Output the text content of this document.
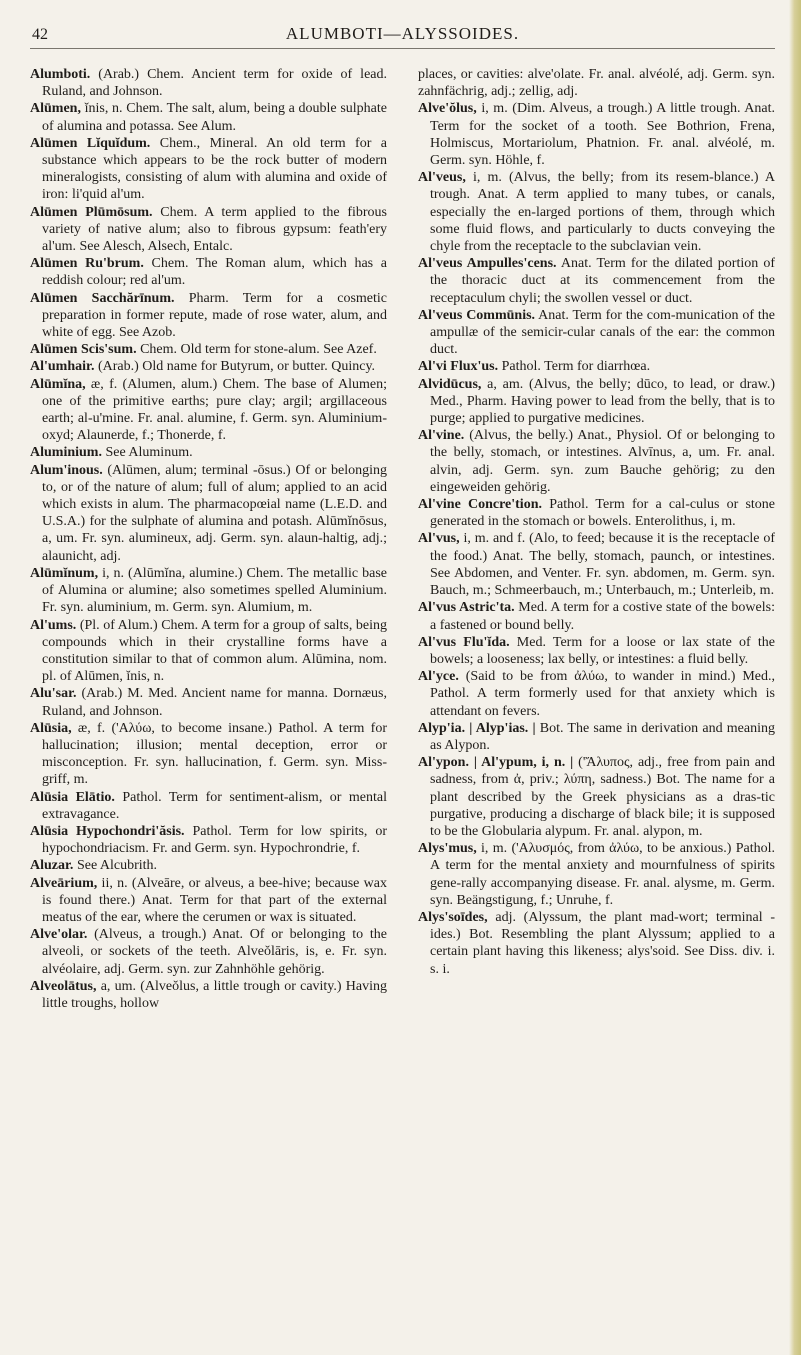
42	ALUMBOTI—ALYSSOIDES.

Alumboti. (Arab.) Chem. Ancient term for oxide of lead. Ruland, and Johnson.

Alūmen, ĭnis, n. Chem. The salt, alum, being a double sulphate of alumina and potassa. See Alum.

Alūmen Lĭquĭdum. Chem., Mineral. An old term for a substance which appears to be the rock butter of modern mineralogists, consisting of alum with alumina and oxide of iron: li'quid al'um.

Alūmen Plūmōsum. Chem. A term applied to the fibrous variety of native alum; also to fibrous gypsum: feath'ery al'um. See Alesch, Alsech, Entalc.

Alūmen Ru'brum. Chem. The Roman alum, which has a reddish colour; red al'um.

Alūmen Sacchărīnum. Pharm. Term for a cosmetic preparation in former repute, made of rose water, alum, and white of egg. See Azob.

Alūmen Scis'sum. Chem. Old term for stone-alum. See Azef.

Al'umhair. (Arab.) Old name for Butyrum, or butter. Quincy.

Alūmĭna, æ, f. (Alumen, alum.) Chem. The base of Alumen; one of the primitive earths; pure clay; argil; argillaceous earth; al-u'mine. Fr. anal. alumine, f. Germ. syn. Aluminium-oxyd; Alaunerde, f.; Thonerde, f.

Aluminium. See Aluminum.

Alum'inous. (Alūmen, alum; terminal -ōsus.) Of or belonging to, or of the nature of alum; full of alum; applied to an acid which exists in alum. The pharmacopœial name (L.E.D. and U.S.A.) for the sulphate of alumina and potash. Alūmĭnōsus, a, um. Fr. syn. alumineux, adj. Germ. syn. alaun-haltig, adj.; alaunicht, adj.

Alūmĭnum, i, n. (Alūmĭna, alumine.) Chem. The metallic base of Alumina or alumine; also sometimes spelled Aluminium. Fr. syn. aluminium, m. Germ. syn. Alumium, m.

Al'ums. (Pl. of Alum.) Chem. A term for a group of salts, being compounds which in their crystalline forms have a constitution similar to that of common alum. Alūmina, nom. pl. of Alūmen, ĭnis, n.

Alu'sar. (Arab.) M. Med. Ancient name for manna. Dornæus, Ruland, and Johnson.

Alūsia, æ, f. ('Αλύω, to become insane.) Pathol. A term for hallucination; illusion; mental deception, error or misconception. Fr. syn. hallucination, f. Germ. syn. Miss-griff, m.

Alūsia Elātio. Pathol. Term for sentiment-alism, or mental extravagance.

Alūsia Hypochondri'ăsis. Pathol. Term for low spirits, or hypochondriacism. Fr. and Germ. syn. Hypochrondrie, f.

Aluzar. See Alcubrith.

Alveārium, ii, n. (Alveāre, or alveus, a bee-hive; because wax is found there.) Anat. Term for that part of the external meatus of the ear, where the cerumen or wax is situated.

Alve'olar. (Alveus, a trough.) Anat. Of or belonging to the alveoli, or sockets of the teeth. Alveŏlāris, is, e. Fr. syn. alvéolaire, adj. Germ. syn. zur Zahnhöhle gehörig.

Alveolātus, a, um. (Alveŏlus, a little trough or cavity.) Having little troughs, hollow

places, or cavities: alve'olate. Fr. anal. alvéolé, adj. Germ. syn. zahnfächrig, adj.; zellig, adj.

Alve'ŏlus, i, m. (Dim. Alveus, a trough.) A little trough. Anat. Term for the socket of a tooth. See Bothrion, Frena, Holmiscus, Mortariolum, Phatnion. Fr. anal. alvéolé, m. Germ. syn. Höhle, f.

Al'veus, i, m. (Alvus, the belly; from its resem-blance.) A trough. Anat. A term applied to many tubes, or canals, especially the en-larged portions of them, through which some fluid flows, and particularly to ducts conveying the chyle from the receptacle to the subclavian vein.

Al'veus Ampulles'cens. Anat. Term for the dilated portion of the thoracic duct at its commencement from the receptaculum chyli; the swollen vessel or duct.

Al'veus Commūnis. Anat. Term for the com-munication of the ampullæ of the semicir-cular canals of the ear: the common duct.

Al'vi Flux'us. Pathol. Term for diarrhœa.

Alvidūcus, a, am. (Alvus, the belly; dūco, to lead, or draw.) Med., Pharm. Having power to lead from the belly, that is to purge; applied to purgative medicines.

Al'vine. (Alvus, the belly.) Anat., Physiol. Of or belonging to the belly, stomach, or intestines. Alvīnus, a, um. Fr. anal. alvin, adj. Germ. syn. zum Bauche gehörig; zu den eingeweiden gehörig.

Al'vine Concre'tion. Pathol. Term for a cal-culus or stone generated in the stomach or bowels. Enterolithus, i, m.

Al'vus, i, m. and f. (Alo, to feed; because it is the receptacle of the food.) Anat. The belly, stomach, paunch, or intestines. See Abdomen, and Venter. Fr. syn. abdomen, m. Germ. syn. Bauch, m.; Schmeerbauch, m.; Unterbauch, m.; Unterleib, m.

Al'vus Astric'ta. Med. A term for a costive state of the bowels: a fastened or bound belly.

Al'vus Flu'ĭda. Med. Term for a loose or lax state of the bowels; a looseness; lax belly, or intestines: a fluid belly.

Al'yce. (Said to be from ἀλύω, to wander in mind.) Med., Pathol. A term formerly used for that anxiety which is attendant on fevers.

Alyp'ia. | Alyp'ias. | Bot. The same in derivation and meaning as Alypon.

Al'ypon. | Al'ypum, i, n. | ('Ἄλυπος, adj., free from pain and sadness, from ἀ, priv.; λύπη, sadness.) Bot. The name for a plant described by the Greek physicians as a dras-tic purgative, producing a discharge of black bile; it is supposed to be the Globularia alypum. Fr. anal. alypon, m.

Alys'mus, i, m. ('Αλυσμός, from ἀλύω, to be anxious.) Pathol. A term for the mental anxiety and mournfulness of spirits gene-rally accompanying disease. Fr. anal. alysme, m. Germ. syn. Beängstigung, f.; Unruhe, f.

Alys'soīdes, adj. (Alyssum, the plant mad-wort; terminal -ides.) Bot. Resembling the plant Alyssum; applied to a certain plant having this likeness; alys'soid. See Diss. div. i. s. i.
